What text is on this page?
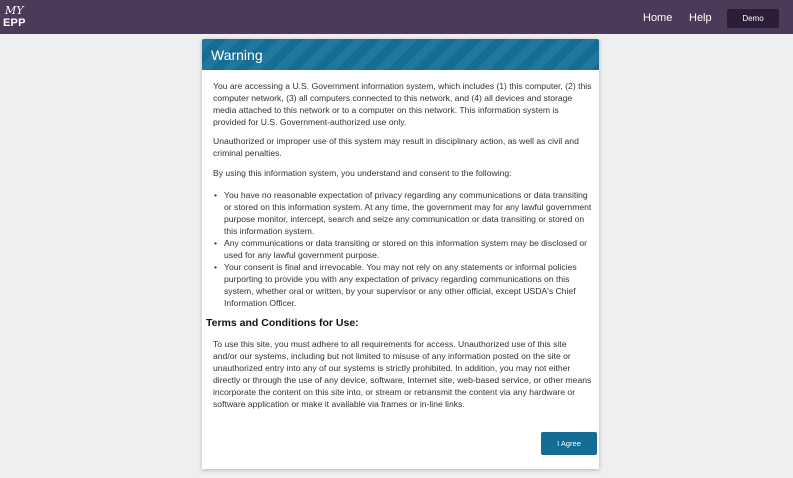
MY
EPP	Home Help	Demo
Warning

You are accessing a U.S. Government information system, which includes (1) this computer, (2) this computer network, (3) all computers connected to this network, and (4) all devices and storage media attached to this network or to a computer on this network. This information system is provided for U.S. Government-authorized use only.

Unauthorized or improper use of this system may result in disciplinary action, as well as civil and criminal penalties.

By using this information system, you understand and consent to the following:

• You have no reasonable expectation of privacy regarding any communications or data transiting or stored on this information system. At any time, the government may for any lawful government purpose monitor, intercept, search and seize any communication or data transiting or stored on this information system.
• Any communications or data transiting or stored on this information system may be disclosed or used for any lawful government purpose.
• Your consent is final and irrevocable. You may not rely on any statements or informal policies purporting to provide you with any expectation of privacy regarding communications on this system, whether oral or written, by your supervisor or any other official, except USDA's Chief Information Officer.
Terms and Conditions for Use:

To use this site, you must adhere to all requirements for access. Unauthorized use of this site and/or our systems, including but not limited to misuse of any information posted on the site or unauthorized entry into any of our systems is strictly prohibited. In addition, you may not either directly or through the use of any device, software, Internet site, web-based service, or other means incorporate the content on this site into, or stream or retransmit the content via any hardware or software application or make it available via frames or in-line links.

I Agree
